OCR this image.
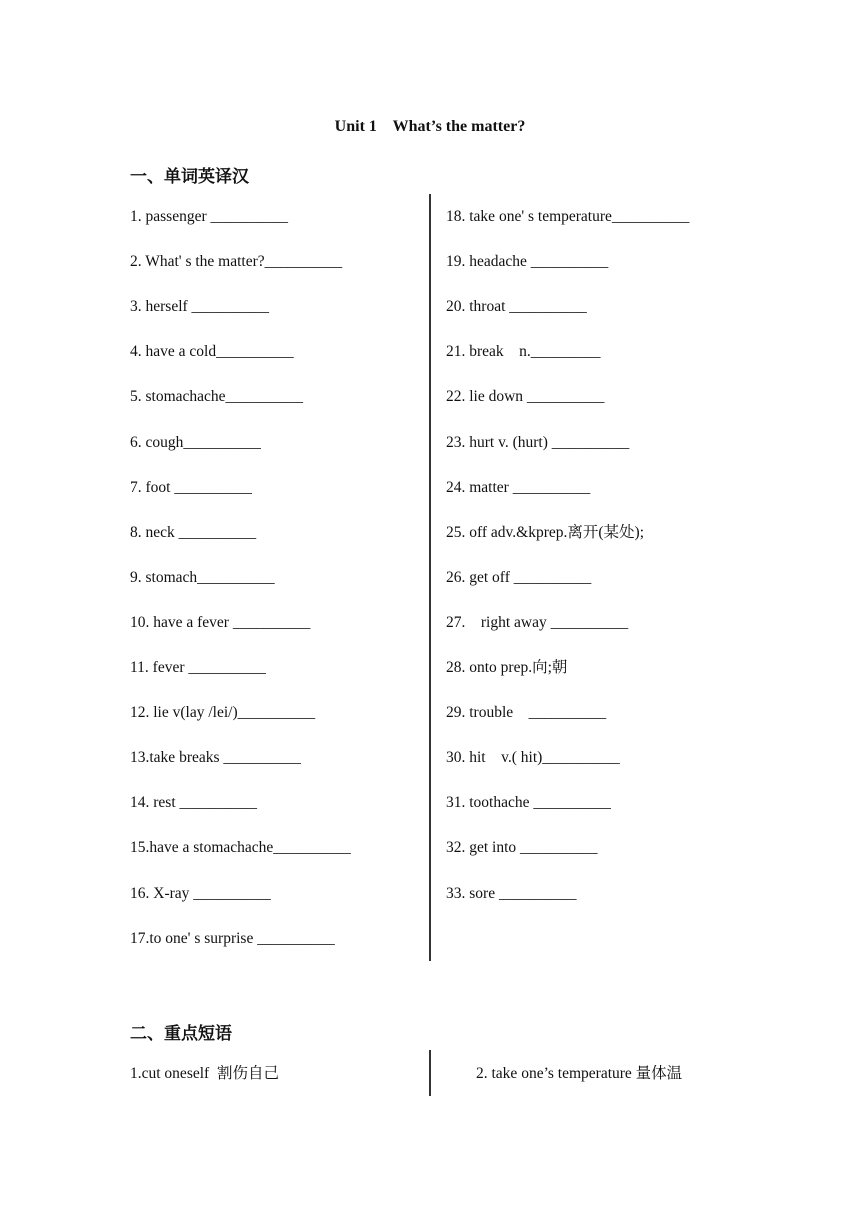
Unit 1    What’s the matter?
一、单词英译汉
1. passenger __________
2. What' s the matter?__________
3. herself __________
4. have a cold__________
5. stomachache__________
6. cough__________
7. foot __________
8. neck __________
9. stomach__________
10. have a fever __________
11. fever __________
12. lie v(lay /lei/)__________
13.take breaks __________
14. rest __________
15.have a stomachache__________
16. X-ray __________
17.to one' s surprise __________
18. take one' s temperature__________
19. headache __________
20. throat __________
21. break    n._________
22. lie down __________
23. hurt v. (hurt) __________
24. matter __________
25. off adv.&kprep.离开(某处);
26. get off __________
27.    right away __________
28. onto prep.向;朝
29. trouble    __________
30. hit    v.( hit)__________
31. toothache __________
32. get into __________
33. sore __________
二、重点短语
1.cut oneself  割伤自己	2. take one’s temperature 量体温
